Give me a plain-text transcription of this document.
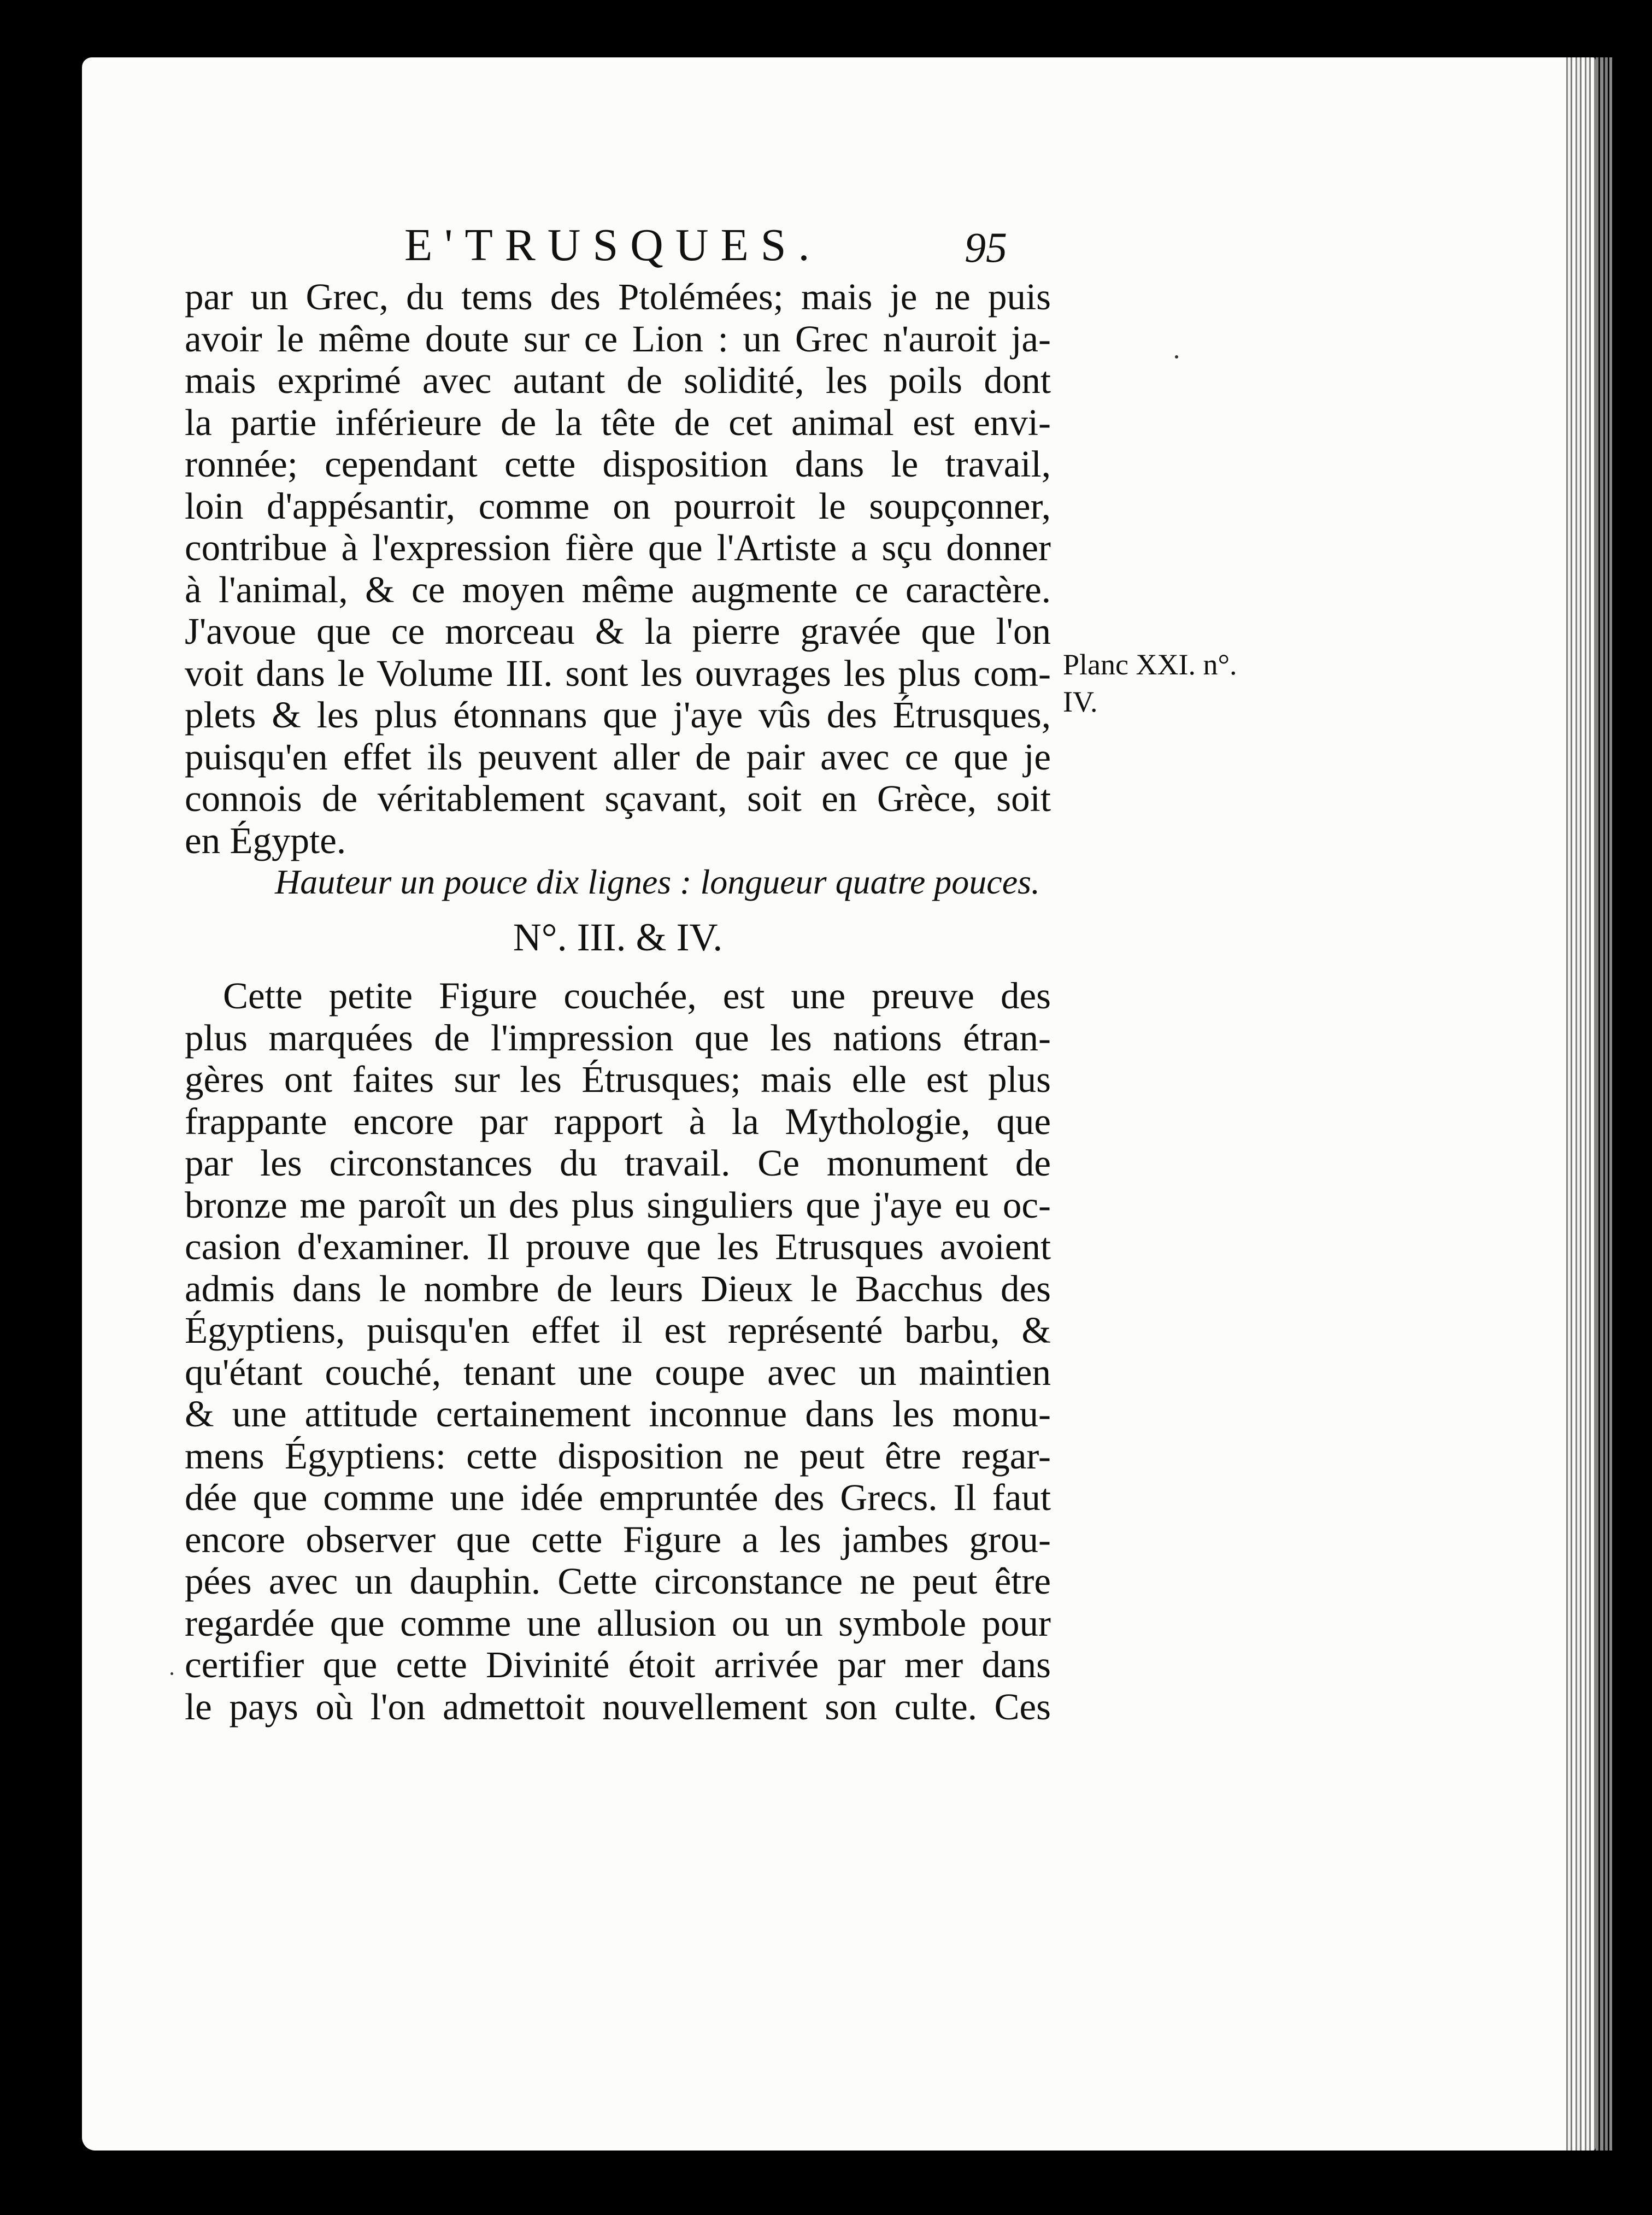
E'TRUSQUES.	95
par un Grec, du tems des Ptolémées; mais je ne puis
avoir le même doute sur ce Lion : un Grec n'auroit ja-
mais exprimé avec autant de solidité, les poils dont
la partie inférieure de la tête de cet animal est envi-
ronnée; cependant cette disposition dans le travail,
loin d'appésantir, comme on pourroit le soupçonner,
contribue à l'expression fière que l'Artiste a sçu donner
à l'animal, & ce moyen même augmente ce caractère.
J'avoue que ce morceau & la pierre gravée que l'on
voit dans le Volume III. sont les ouvrages les plus com-
plets & les plus étonnans que j'aye vûs des Étrusques,
puisqu'en effet ils peuvent aller de pair avec ce que je
connois de véritablement sçavant, soit en Grèce, soit
en Égypte.
Hauteur un pouce dix lignes : longueur quatre pouces.
N°. III. & IV.
Cette petite Figure couchée, est une preuve des
plus marquées de l'impression que les nations étran-
gères ont faites sur les Étrusques; mais elle est plus
frappante encore par rapport à la Mythologie, que
par les circonstances du travail. Ce monument de
bronze me paroît un des plus singuliers que j'aye eu oc-
casion d'examiner. Il prouve que les Etrusques avoient
admis dans le nombre de leurs Dieux le Bacchus des
Égyptiens, puisqu'en effet il est représenté barbu, &
qu'étant couché, tenant une coupe avec un maintien
& une attitude certainement inconnue dans les monu-
mens Égyptiens: cette disposition ne peut être regar-
dée que comme une idée empruntée des Grecs. Il faut
encore observer que cette Figure a les jambes grou-
pées avec un dauphin. Cette circonstance ne peut être
regardée que comme une allusion ou un symbole pour
certifier que cette Divinité étoit arrivée par mer dans
le pays où l'on admettoit nouvellement son culte. Ces
Planc XXI. n°.
IV.
